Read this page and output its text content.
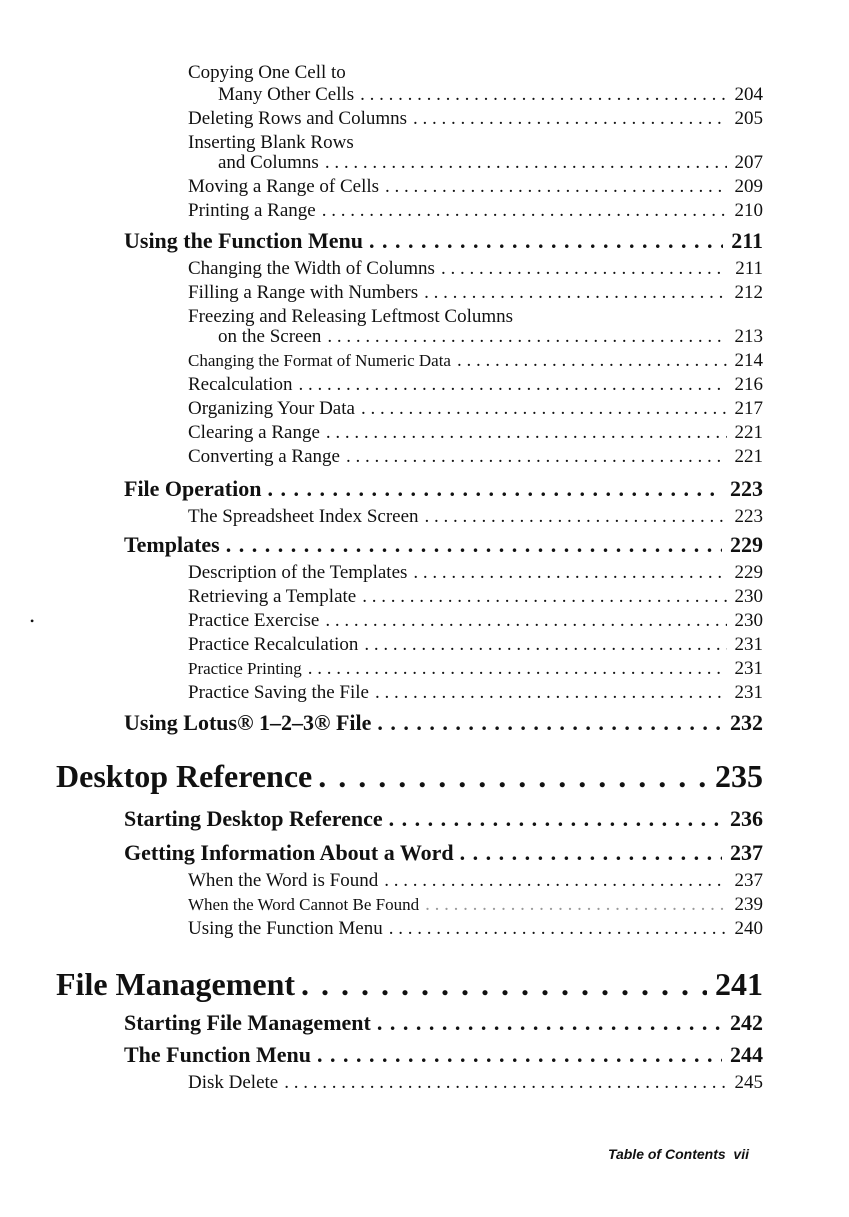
Copying One Cell to
Many Other Cells . . .	204
Deleting Rows and Columns . . .	205
Inserting Blank Rows
and Columns . . .	207
Moving a Range of Cells . . .	209
Printing a Range . . .	210
Using the Function Menu . . .	211
Changing the Width of Columns . . .	211
Filling a Range with Numbers . . .	212
Freezing and Releasing Leftmost Columns
on the Screen . . .	213
Changing the Format of Numeric Data . . .	214
Recalculation . . .	216
Organizing Your Data . . .	217
Clearing a Range . . .	221
Converting a Range . . .	221
File Operation . . .	223
The Spreadsheet Index Screen . . .	223
Templates . . .	229
Description of the Templates . . .	229
Retrieving a Template . . .	230
•	Practice Exercise . . .	230
Practice Recalculation . . .	231
Practice Printing . . .	231
Practice Saving the File . . .	231
Using Lotus® 1–2–3® File . . .	232
Desktop Reference . . .	235
Starting Desktop Reference . . .	236
Getting Information About a Word . . .	237
When the Word is Found . . .	237
When the Word Cannot Be Found . . .	239
Using the Function Menu . . .	240
File Management . . .	241
Starting File Management . . .	242
The Function Menu . . .	244
Disk Delete . . .	245
Table of Contents vii
